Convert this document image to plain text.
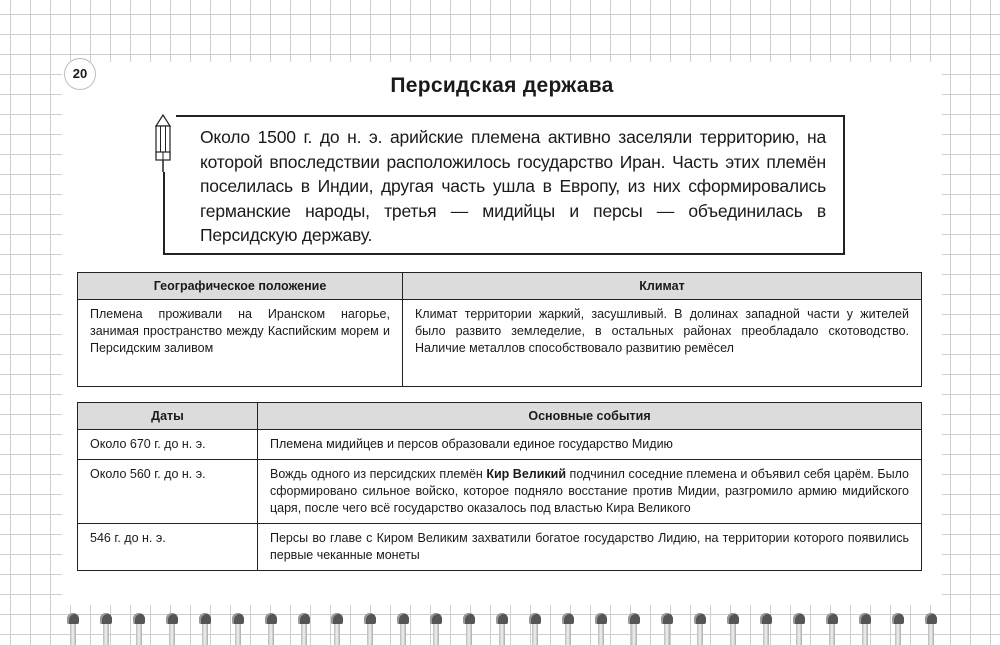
20
Персидская держава
Около 1500 г. до н. э. арийские племена активно заселяли территорию, на которой впоследствии расположилось государство Иран. Часть этих племён поселилась в Индии, другая часть ушла в Европу, из них сформировались германские народы, третья — мидийцы и персы — объединилась в Персидскую державу.
Географическое положение	Климат
Племена проживали на Иранском нагорье, занимая пространство между Каспийским морем и Персидским заливом	Климат территории жаркий, засушливый. В долинах западной части у жителей было развито земледелие, в остальных районах преобладало скотоводство. Наличие металлов способствовало развитию ремёсел
Даты	Основные события
Около 670 г. до н. э.	Племена мидийцев и персов образовали единое государство Мидию
Около 560 г. до н. э.	Вождь одного из персидских племён Кир Великий подчинил соседние племена и объявил себя царём. Было сформировано сильное войско, которое подняло восстание против Мидии, разгромило армию мидийского царя, после чего всё государство оказалось под властью Кира Великого
546 г. до н. э.	Персы во главе с Киром Великим захватили богатое государство Лидию, на территории которого появились первые чеканные монеты
